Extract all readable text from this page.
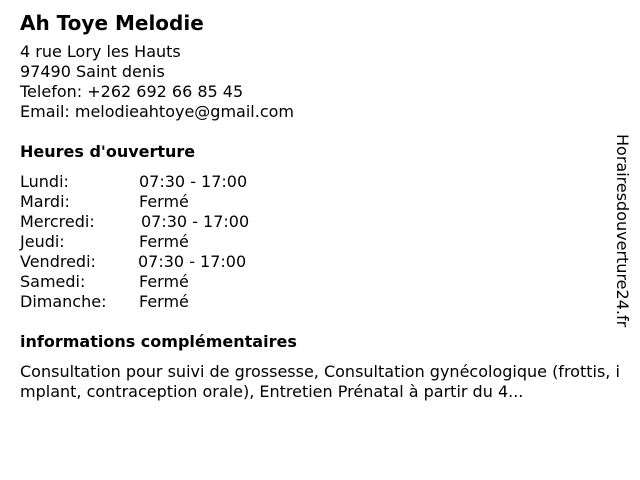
Ah Toye Melodie
4 rue Lory les Hauts
97490 Saint denis
Telefon: +262 692 66 85 45
Email: melodieahtoye@gmail.com
Heures d'ouverture
Lundi:	07:30 - 17:00
Mardi:	Fermé
Mercredi:	07:30 - 17:00
Jeudi:	Fermé
Vendredi:	07:30 - 17:00
Samedi:	Fermé
Dimanche:	Fermé
informations complémentaires
Consultation pour suivi de grossesse, Consultation gynécologique (frottis, implant, contraception orale), Entretien Prénatal à partir du 4...
Horairesdouverture24.fr
